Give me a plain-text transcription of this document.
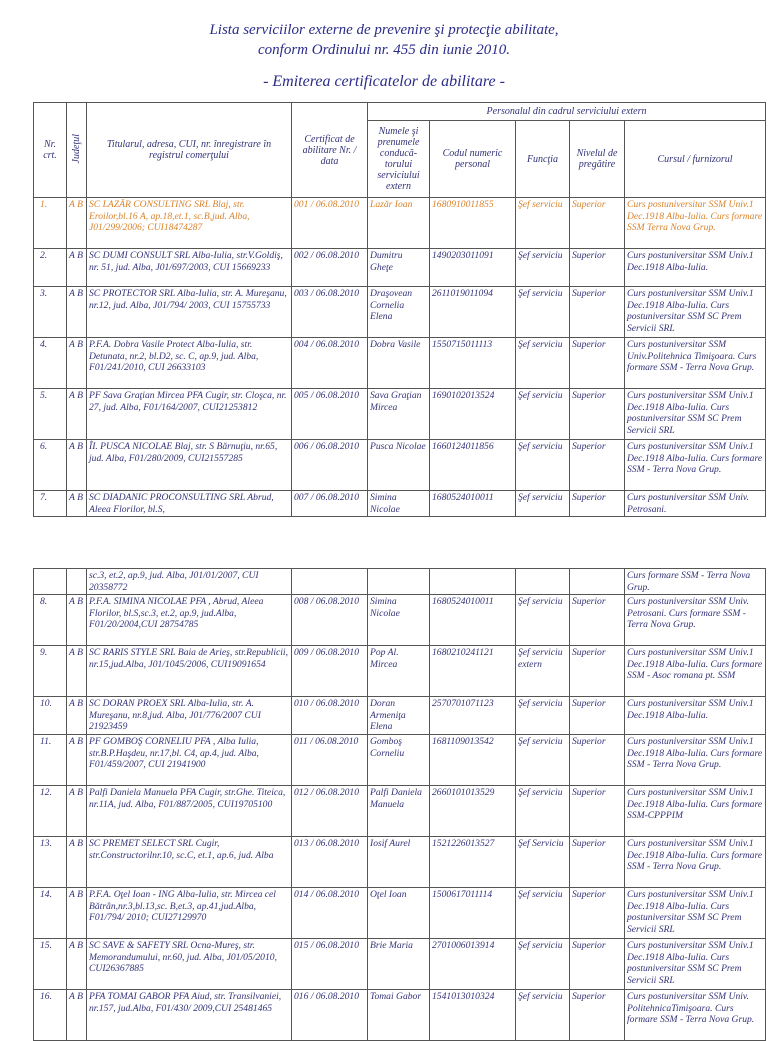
Lista serviciilor externe de prevenire şi protecţie abilitate,
conform Ordinului nr. 455 din iunie 2010.
- Emiterea certificatelor de abilitare -
Nr. crt.	Judeţul	Titularul, adresa, CUI, nr. înregistrare în registrul comerţului	Certificat de abilitare Nr. / data	Personalul din cadrul serviciului extern				
				Numele şi prenumele conducă-torului serviciului extern	Codul numeric personal	Funcţia	Nivelul de pregătire	Cursul / furnizorul
1.	A B	SC LAZĂR CONSULTING SRL Blaj, str. Eroilor,bl.16 A, ap.18,et.1, sc.B,jud. Alba, J01/299/2006; CUI18474287	001 / 06.08.2010	Lazăr Ioan	1680910011855	Şef serviciu	Superior	Curs postuniversitar SSM Univ.1 Dec.1918 Alba-Iulia. Curs formare SSM Terra Nova Grup.
2.	A B	SC DUMI CONSULT SRL Alba-Iulia, str.V.Goldiş, nr. 51, jud. Alba, J01/697/2003, CUI 15669233	002 / 06.08.2010	Dumitru Gheţe	1490203011091	Şef serviciu	Superior	Curs postuniversitar SSM Univ.1 Dec.1918 Alba-Iulia.
3.	A B	SC PROTECTOR SRL Alba-Iulia, str. A. Mureşanu, nr.12, jud. Alba, J01/794/ 2003, CUI 15755733	003 / 06.08.2010	Draşovean Cornelia Elena	2611019011094	Şef serviciu	Superior	Curs postuniversitar SSM Univ.1 Dec.1918 Alba-Iulia. Curs postuniversitar SSM SC Prem Servicii SRL
4.	A B	P.F.A. Dobra Vasile Protect Alba-Iulia, str. Detunata, nr.2, bl.D2, sc. C, ap.9, jud. Alba, F01/241/2010, CUI 26633103	004 / 06.08.2010	Dobra Vasile	1550715011113	Şef serviciu	Superior	Curs postuniversitar SSM Univ.Politehnica Timişoara. Curs formare SSM - Terra Nova Grup.
5.	A B	PF Sava Graţian Mircea PFA Cugir, str. Cloşca, nr. 27, jud. Alba, F01/164/2007, CUI21253812	005 / 06.08.2010	Sava Graţian Mircea	1690102013524	Şef serviciu	Superior	Curs postuniversitar SSM Univ.1 Dec.1918 Alba-Iulia. Curs postuniversitar SSM SC Prem Servicii SRL
6.	A B	ÎI. PUSCA NICOLAE Blaj, str. S Bărnuţiu, nr.65, jud. Alba, F01/280/2009, CUI21557285	006 / 06.08.2010	Pusca Nicolae	1660124011856	Şef serviciu	Superior	Curs postuniversitar SSM Univ.1 Dec.1918 Alba-Iulia. Curs formare SSM - Terra Nova Grup.
7.	A B	SC DIADANIC PROCONSULTING SRL Abrud, Aleea Florilor, bl.S,	007 / 06.08.2010	Simina Nicolae	1680524010011	Şef serviciu	Superior	Curs postuniversitar SSM Univ. Petrosani.
		sc.3, et.2, ap.9, jud. Alba, J01/01/2007, CUI 20358772						Curs formare SSM - Terra Nova Grup.
8.	A B	P.F.A. SIMINA NICOLAE PFA , Abrud, Aleea Florilor, bl.S,sc.3, et.2, ap.9, jud.Alba, F01/20/2004,CUI 28754785	008 / 06.08.2010	Simina Nicolae	1680524010011	Şef serviciu	Superior	Curs postuniversitar SSM Univ. Petrosani. Curs formare SSM - Terra Nova Grup.
9.	A B	SC RARIS STYLE SRL Baia de Arieş, str.Republicii, nr.15,jud.Alba, J01/1045/2006, CUI19091654	009 / 06.08.2010	Pop Al. Mircea	1680210241121	Şef serviciu extern	Superior	Curs postuniversitar SSM Univ.1 Dec.1918 Alba-Iulia. Curs formare SSM - Asoc romana pt. SSM
10.	A B	SC DORAN PROEX SRL Alba-Iulia, str. A. Mureşanu, nr.8,jud. Alba, J01/776/2007 CUI 21923459	010 / 06.08.2010	Doran Armeniţa Elena	2570701071123	Şef serviciu	Superior	Curs postuniversitar SSM Univ.1 Dec.1918 Alba-Iulia.
11.	A B	PF GOMBOŞ CORNELIU PFA , Alba Iulia, str.B.P.Haşdeu, nr.17,bl. C4, ap.4, jud. Alba, F01/459/2007, CUI 21941900	011 / 06.08.2010	Gomboş Corneliu	1681109013542	Şef serviciu	Superior	Curs postuniversitar SSM Univ.1 Dec.1918 Alba-Iulia. Curs formare SSM - Terra Nova Grup.
12.	A B	Palfi Daniela Manuela PFA Cugir, str.Ghe. Titeica, nr.11A, jud. Alba, F01/887/2005, CUI19705100	012 / 06.08.2010	Palfi Daniela Manuela	2660101013529	Şef serviciu	Superior	Curs postuniversitar SSM Univ.1 Dec.1918 Alba-Iulia. Curs formare SSM-CPPPIM
13.	A B	SC PREMET SELECT SRL Cugir, str.Constructorilnr.10, sc.C, et.1, ap.6, jud. Alba	013 / 06.08.2010	Iosif Aurel	1521226013527	Şef Serviciu	Superior	Curs postuniversitar SSM Univ.1 Dec.1918 Alba-Iulia. Curs formare SSM - Terra Nova Grup.
14.	A B	P.F.A. Oţel Ioan - ING Alba-Iulia, str. Mircea cel Bătrân,nr.3,bl.13,sc. B,et.3, ap.41,jud.Alba, F01/794/ 2010; CUI27129970	014 / 06.08.2010	Oţel Ioan	1500617011114	Şef serviciu	Superior	Curs postuniversitar SSM Univ.1 Dec.1918 Alba-Iulia. Curs postuniversitar SSM SC Prem Servicii SRL
15.	A B	SC SAVE & SAFETY SRL Ocna-Mureş, str. Memorandumului, nr.60, jud. Alba, J01/05/2010, CUI26367885	015 / 06.08.2010	Brie Maria	2701006013914	Şef serviciu	Superior	Curs postuniversitar SSM Univ.1 Dec.1918 Alba-Iulia. Curs postuniversitar SSM SC Prem Servicii SRL
16.	A B	PFA TOMAI GABOR PFA Aiud, str. Transilvaniei, nr.157, jud.Alba, F01/430/ 2009,CUI 25481465	016 / 06.08.2010	Tomai Gabor	1541013010324	Şef serviciu	Superior	Curs postuniversitar SSM Univ. PolitehnicaTimişoara. Curs formare SSM - Terra Nova Grup.
